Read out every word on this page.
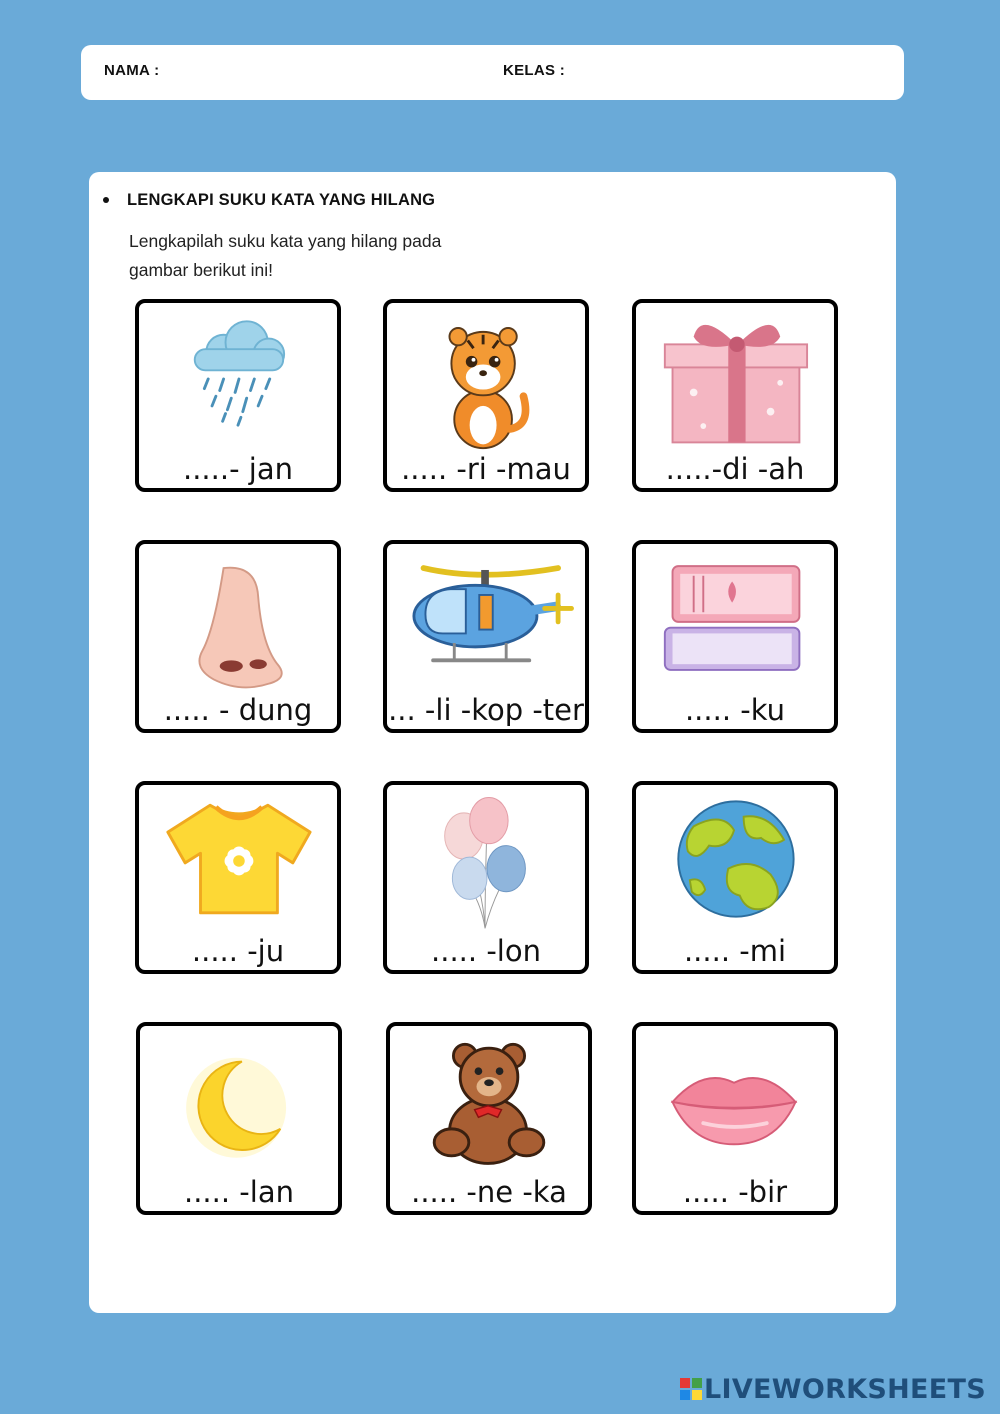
NAMA :	KELAS :
LENGKAPI SUKU KATA YANG HILANG
Lengkapilah suku kata yang hilang pada
gambar berikut ini!
.....- jan	..... -ri -mau	.....-di -ah
..... - dung	... -li -kop -ter	..... -ku
..... -ju	..... -lon	..... -mi
..... -lan	..... -ne -ka	..... -bir
LIVEWORKSHEETS
